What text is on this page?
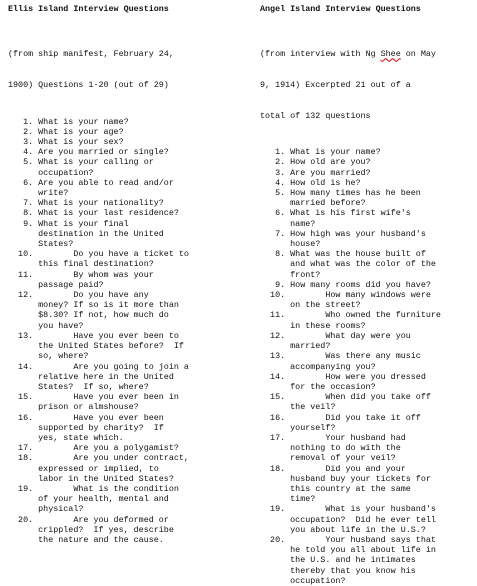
Ellis Island Interview Questions

(from ship manifest, February 24,

1900) Questions 1-20 (out of 29)

1. What is your name?
2. What is your age?
3. What is your sex?
4. Are you married or single?
5. What is your calling or
occupation?
6. Are you able to read and/or
write?
7. What is your nationality?
8. What is your last residence?
9. What is your final
destination in the United
States?
10.        Do you have a ticket to
this final destination?
11.        By whom was your
passage paid?
12.        Do you have any
money? If so is it more than
$8.30? If not, how much do
you have?
13.        Have you ever been to
the United States before?  If
so, where?
14.        Are you going to join a
relative here in the United
States?  If so, where?
15.        Have you ever been in
prison or almshouse?
16.        Have you ever been
supported by charity?  If
yes, state which.
17.        Are you a polygamist?
18.        Are you under contract,
expressed or implied, to
labor in the United States?
19.        What is the condition
of your health, mental and
physical?
20.        Are you deformed or
crippled?  If yes, describe
the nature and the cause.
Angel Island Interview Questions

(from interview with Ng Shee on May

9, 1914) Excerpted 21 out of a

total of 132 questions

1. What is your name?
2. How old are you?
3. Are you married?
4. How old is he?
5. How many times has he been
married before?
6. What is his first wife's
name?
7. How high was your husband's
house?
8. What was the house built of
and what was the color of the
front?
9. How many rooms did you have?
10.        How many windows were
on the street?
11.        Who owned the furniture
in these rooms?
12.        What day were you
married?
13.        Was there any music
accompanying you?
14.        How were you dressed
for the occasion?
15.        When did you take off
the veil?
16.        Did you take it off
yourself?
17.        Your husband had
nothing to do with the
removal of your veil?
18.        Did you and your
husband buy your tickets for
this country at the same
time?
19.        What is your husband's
occupation?  Did he ever tell
you about life in the U.S.?
20.        Your husband says that
he told you all about life in
the U.S. and he intimates
thereby that you know his
occupation?
